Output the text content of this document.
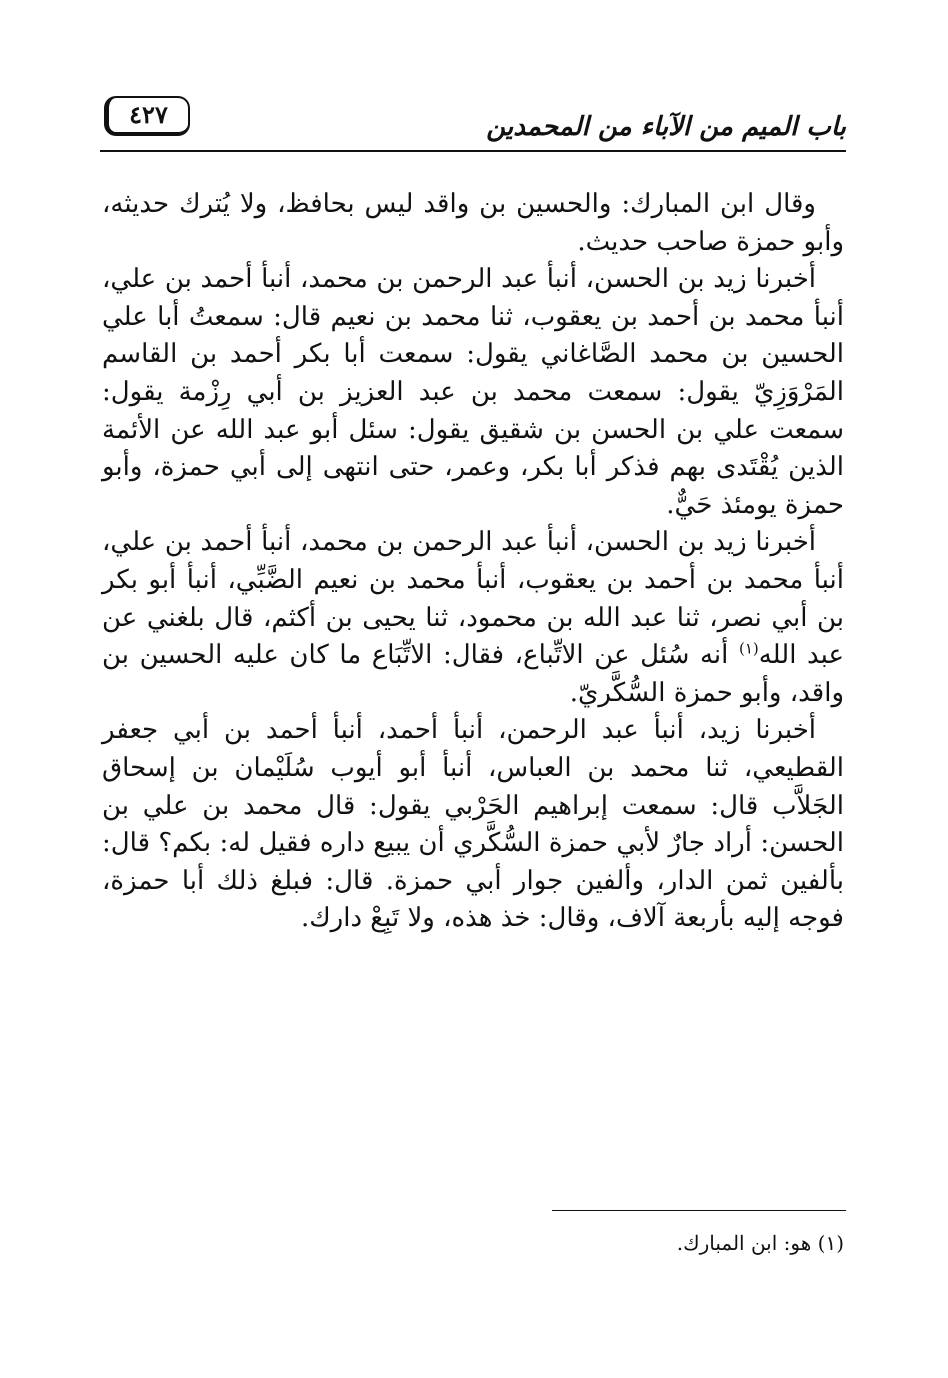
٤٢٧	باب الميم من الآباء من المحمدين

وقال ابن المبارك: والحسين بن واقد ليس بحافظ، ولا يُترك حديثه، وأبو حمزة صاحب حديث.

أخبرنا زيد بن الحسن، أنبأ عبد الرحمن بن محمد، أنبأ أحمد بن علي، أنبأ محمد بن أحمد بن يعقوب، ثنا محمد بن نعيم قال: سمعتُ أبا علي الحسين بن محمد الصَّاغاني يقول: سمعت أبا بكر أحمد بن القاسم المَرْوَزِيّ يقول: سمعت محمد بن عبد العزيز بن أبي رِزْمة يقول: سمعت علي بن الحسن بن شقيق يقول: سئل أبو عبد الله عن الأئمة الذين يُقْتَدى بهم فذكر أبا بكر، وعمر، حتى انتهى إلى أبي حمزة، وأبو حمزة يومئذ حَيٌّ.

أخبرنا زيد بن الحسن، أنبأ عبد الرحمن بن محمد، أنبأ أحمد بن علي، أنبأ محمد بن أحمد بن يعقوب، أنبأ محمد بن نعيم الضَّبِّي، أنبأ أبو بكر بن أبي نصر، ثنا عبد الله بن محمود، ثنا يحيى بن أكثم، قال بلغني عن عبد الله$^{(١)}$ أنه سُئل عن الاتِّباع، فقال: الاتِّبَاع ما كان عليه الحسين بن واقد، وأبو حمزة السُّكَّريّ.

أخبرنا زيد، أنبأ عبد الرحمن، أنبأ أحمد، أنبأ أحمد بن أبي جعفر القطيعي، ثنا محمد بن العباس، أنبأ أبو أيوب سُلَيْمان بن إسحاق الجَلاَّب قال: سمعت إبراهيم الحَرْبي يقول: قال محمد بن علي بن الحسن: أراد جارٌ لأبي حمزة السُّكَّري أن يبيع داره فقيل له: بكم؟ قال: بألفين ثمن الدار، وألفين جوار أبي حمزة. قال: فبلغ ذلك أبا حمزة، فوجه إليه بأربعة آلاف، وقال: خذ هذه، ولا تَبِعْ دارك.

(١) هو: ابن المبارك.
